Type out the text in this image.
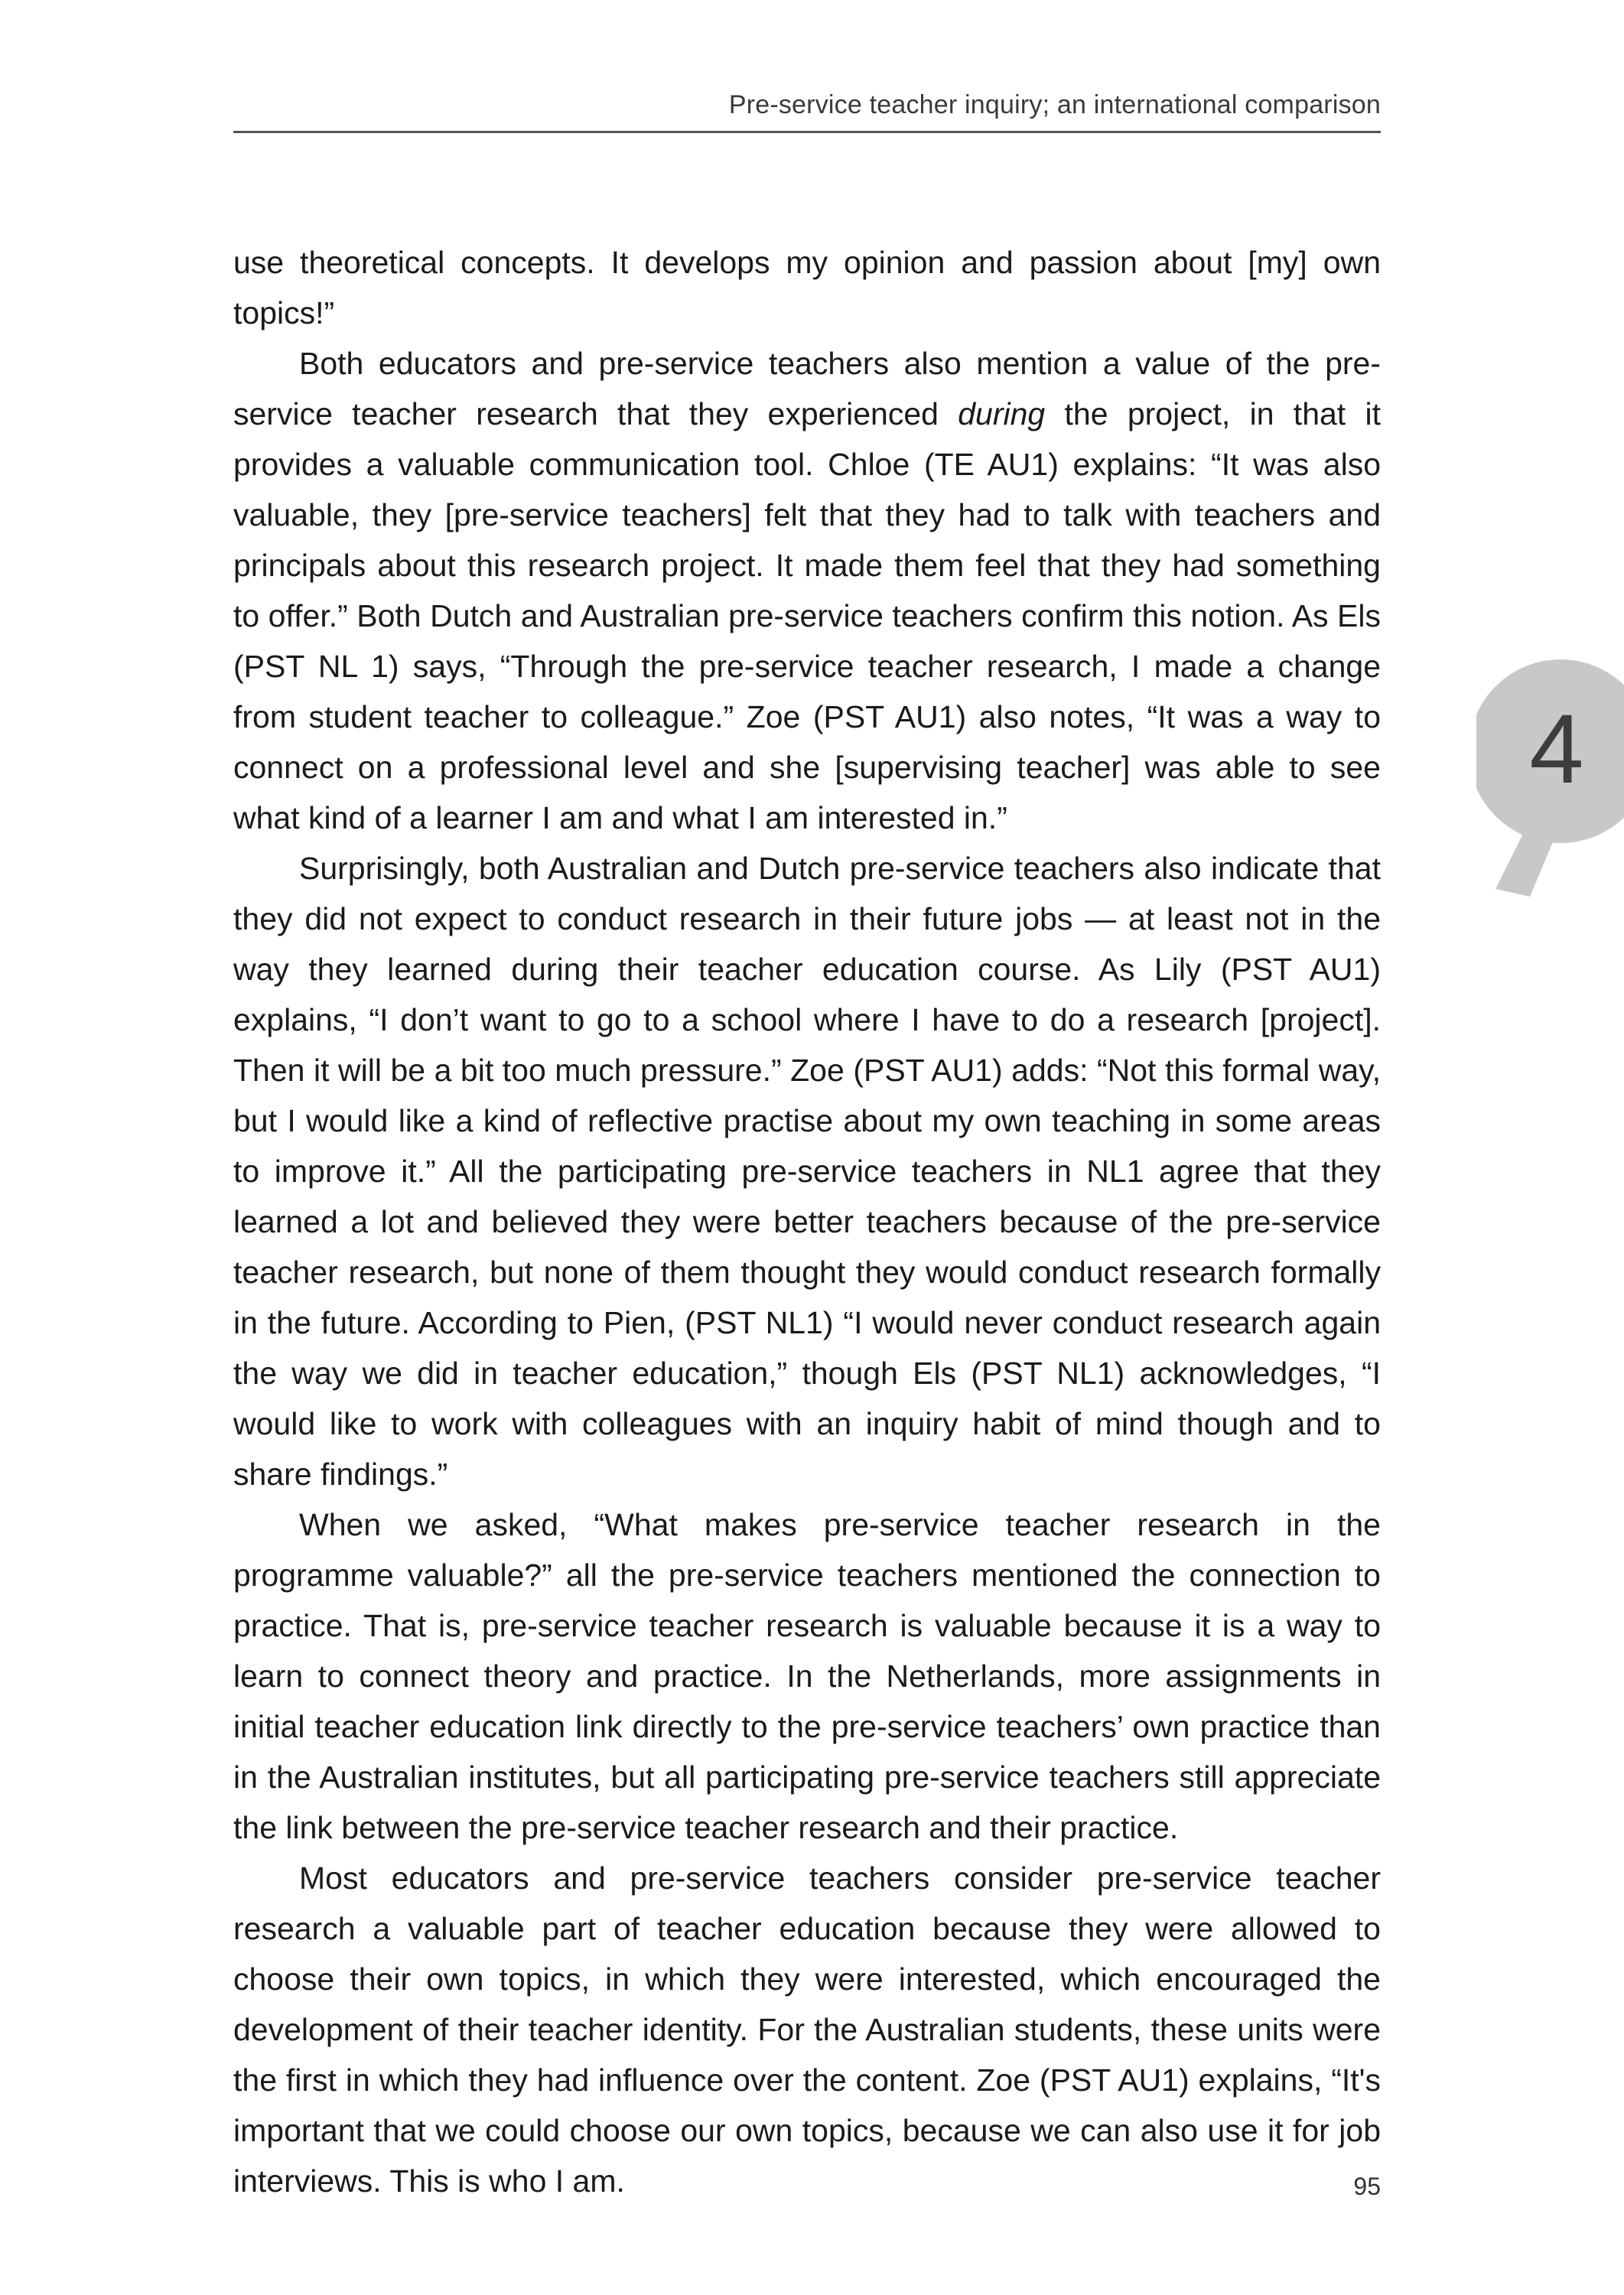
Pre-service teacher inquiry; an international comparison

use theoretical concepts. It develops my opinion and passion about [my] own topics!”

Both educators and pre-service teachers also mention a value of the pre-service teacher research that they experienced during the project, in that it provides a valuable communication tool. Chloe (TE AU1) explains: “It was also valuable, they [pre-service teachers] felt that they had to talk with teachers and principals about this research project. It made them feel that they had something to offer.” Both Dutch and Australian pre-service teachers confirm this notion. As Els (PST NL 1) says, “Through the pre-service teacher research, I made a change from student teacher to colleague.” Zoe (PST AU1) also notes, “It was a way to connect on a professional level and she [supervising teacher] was able to see what kind of a learner I am and what I am interested in.”

Surprisingly, both Australian and Dutch pre-service teachers also indicate that they did not expect to conduct research in their future jobs — at least not in the way they learned during their teacher education course. As Lily (PST AU1) explains, “I don’t want to go to a school where I have to do a research [project]. Then it will be a bit too much pressure.” Zoe (PST AU1) adds: “Not this formal way, but I would like a kind of reflective practise about my own teaching in some areas to improve it.” All the participating pre-service teachers in NL1 agree that they learned a lot and believed they were better teachers because of the pre-service teacher research, but none of them thought they would conduct research formally in the future. According to Pien, (PST NL1) “I would never conduct research again the way we did in teacher education,” though Els (PST NL1) acknowledges, “I would like to work with colleagues with an inquiry habit of mind though and to share findings.”

When we asked, “What makes pre-service teacher research in the programme valuable?” all the pre-service teachers mentioned the connection to practice. That is, pre-service teacher research is valuable because it is a way to learn to connect theory and practice. In the Netherlands, more assignments in initial teacher education link directly to the pre-service teachers’ own practice than in the Australian institutes, but all participating pre-service teachers still appreciate the link between the pre-service teacher research and their practice.

Most educators and pre-service teachers consider pre-service teacher research a valuable part of teacher education because they were allowed to choose their own topics, in which they were interested, which encouraged the development of their teacher identity. For the Australian students, these units were the first in which they had influence over the content. Zoe (PST AU1) explains, “It's important that we could choose our own topics, because we can also use it for job interviews. This is who I am.

4
95
